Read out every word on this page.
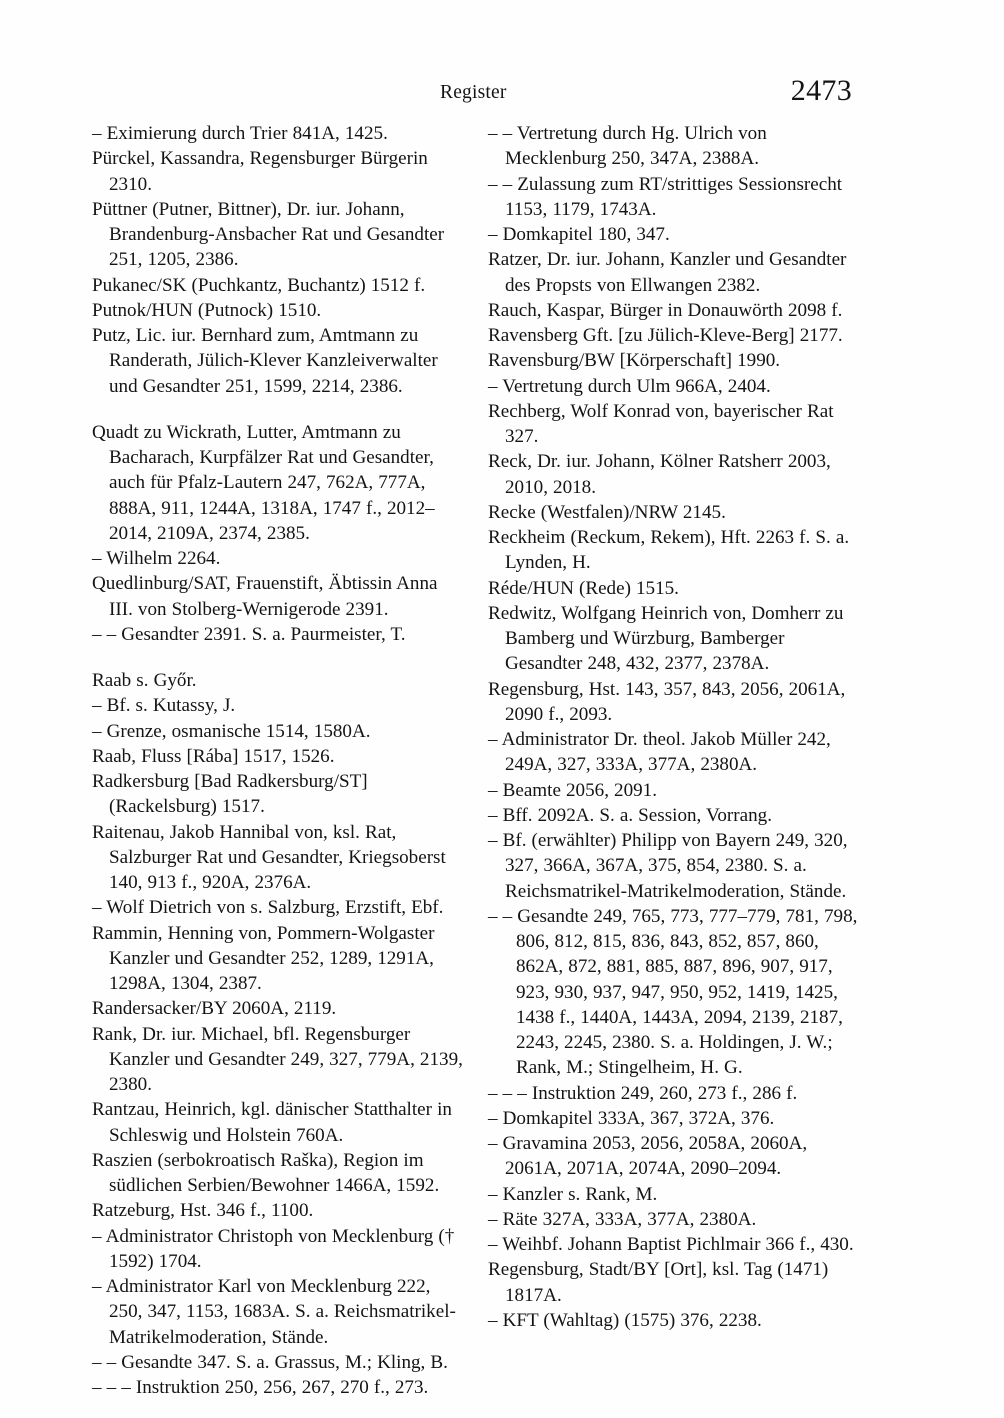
Register	2473
– Eximierung durch Trier 841A, 1425.
Pürckel, Kassandra, Regensburger Bürgerin 2310.
Püttner (Putner, Bittner), Dr. iur. Johann, Brandenburg-Ansbacher Rat und Gesandter 251, 1205, 2386.
Pukanec/SK (Puchkantz, Buchantz) 1512 f.
Putnok/HUN (Putnock) 1510.
Putz, Lic. iur. Bernhard zum, Amtmann zu Randerath, Jülich-Klever Kanzleiverwalter und Gesandter 251, 1599, 2214, 2386.
Quadt zu Wickrath, Lutter, Amtmann zu Bacharach, Kurpfälzer Rat und Gesandter, auch für Pfalz-Lautern 247, 762A, 777A, 888A, 911, 1244A, 1318A, 1747 f., 2012–2014, 2109A, 2374, 2385.
– Wilhelm 2264.
Quedlinburg/SAT, Frauenstift, Äbtissin Anna III. von Stolberg-Wernigerode 2391.
– – Gesandter 2391. S. a. Paurmeister, T.
Raab s. Győr.
– Bf. s. Kutassy, J.
– Grenze, osmanische 1514, 1580A.
Raab, Fluss [Rába] 1517, 1526.
Radkersburg [Bad Radkersburg/ST] (Rackelsburg) 1517.
Raitenau, Jakob Hannibal von, ksl. Rat, Salzburger Rat und Gesandter, Kriegsoberst 140, 913 f., 920A, 2376A.
– Wolf Dietrich von s. Salzburg, Erzstift, Ebf.
Rammin, Henning von, Pommern-Wolgaster Kanzler und Gesandter 252, 1289, 1291A, 1298A, 1304, 2387.
Randersacker/BY 2060A, 2119.
Rank, Dr. iur. Michael, bfl. Regensburger Kanzler und Gesandter 249, 327, 779A, 2139, 2380.
Rantzau, Heinrich, kgl. dänischer Statthalter in Schleswig und Holstein 760A.
Raszien (serbokroatisch Raška), Region im südlichen Serbien/Bewohner 1466A, 1592.
Ratzeburg, Hst. 346 f., 1100.
– Administrator Christoph von Mecklenburg († 1592) 1704.
– Administrator Karl von Mecklenburg 222, 250, 347, 1153, 1683A. S. a. Reichsmatrikel-Matrikelmoderation, Stände.
– – Gesandte 347. S. a. Grassus, M.; Kling, B.
– – – Instruktion 250, 256, 267, 270 f., 273.
– – Vertretung durch Hg. Ulrich von Mecklenburg 250, 347A, 2388A.
– – Zulassung zum RT/strittiges Sessionsrecht 1153, 1179, 1743A.
– Domkapitel 180, 347.
Ratzer, Dr. iur. Johann, Kanzler und Gesandter des Propsts von Ellwangen 2382.
Rauch, Kaspar, Bürger in Donauwörth 2098 f.
Ravensberg Gft. [zu Jülich-Kleve-Berg] 2177.
Ravensburg/BW [Körperschaft] 1990.
– Vertretung durch Ulm 966A, 2404.
Rechberg, Wolf Konrad von, bayerischer Rat 327.
Reck, Dr. iur. Johann, Kölner Ratsherr 2003, 2010, 2018.
Recke (Westfalen)/NRW 2145.
Reckheim (Reckum, Rekem), Hft. 2263 f. S. a. Lynden, H.
Réde/HUN (Rede) 1515.
Redwitz, Wolfgang Heinrich von, Domherr zu Bamberg und Würzburg, Bamberger Gesandter 248, 432, 2377, 2378A.
Regensburg, Hst. 143, 357, 843, 2056, 2061A, 2090 f., 2093.
– Administrator Dr. theol. Jakob Müller 242, 249A, 327, 333A, 377A, 2380A.
– Beamte 2056, 2091.
– Bff. 2092A. S. a. Session, Vorrang.
– Bf. (erwählter) Philipp von Bayern 249, 320, 327, 366A, 367A, 375, 854, 2380. S. a. Reichsmatrikel-Matrikelmoderation, Stände.
– – Gesandte 249, 765, 773, 777–779, 781, 798, 806, 812, 815, 836, 843, 852, 857, 860, 862A, 872, 881, 885, 887, 896, 907, 917, 923, 930, 937, 947, 950, 952, 1419, 1425, 1438 f., 1440A, 1443A, 2094, 2139, 2187, 2243, 2245, 2380. S. a. Holdingen, J. W.; Rank, M.; Stingelheim, H. G.
– – – Instruktion 249, 260, 273 f., 286 f.
– Domkapitel 333A, 367, 372A, 376.
– Gravamina 2053, 2056, 2058A, 2060A, 2061A, 2071A, 2074A, 2090–2094.
– Kanzler s. Rank, M.
– Räte 327A, 333A, 377A, 2380A.
– Weihbf. Johann Baptist Pichlmair 366 f., 430.
Regensburg, Stadt/BY [Ort], ksl. Tag (1471) 1817A.
– KFT (Wahltag) (1575) 376, 2238.
